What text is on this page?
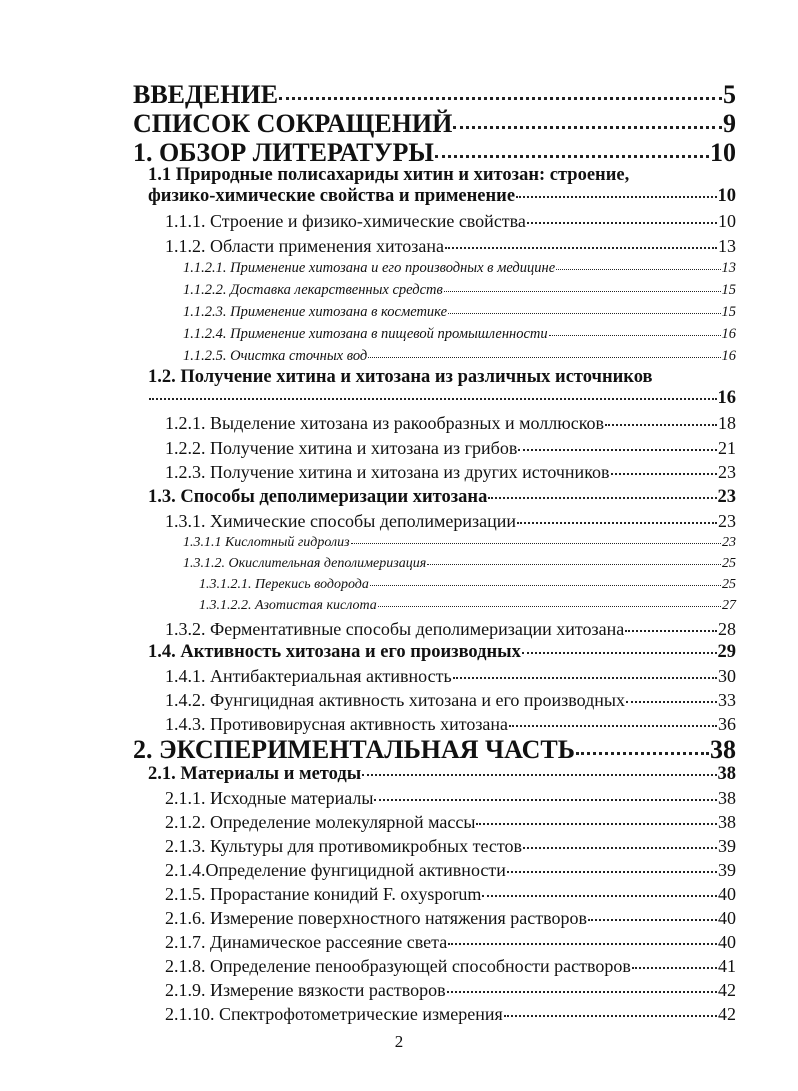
ВВЕДЕНИЕ	5
СПИСОК СОКРАЩЕНИЙ	9
1. ОБЗОР ЛИТЕРАТУРЫ	10
1.1 Природные полисахариды хитин и хитозан: строение,
физико-химические свойства и применение	10
1.1.1. Строение и физико-химические свойства	10
1.1.2. Области применения хитозана	13
1.1.2.1. Применение хитозана и его производных в медицине	13
1.1.2.2. Доставка лекарственных средств	15
1.1.2.3. Применение хитозана в косметике	15
1.1.2.4. Применение хитозана в пищевой промышленности	16
1.1.2.5. Очистка сточных вод	16
1.2. Получение хитина и хитозана из различных источников
16
1.2.1. Выделение хитозана из ракообразных и моллюсков	18
1.2.2. Получение хитина и хитозана из грибов	21
1.2.3. Получение хитина и хитозана из других источников	23
1.3. Способы деполимеризации хитозана	23
1.3.1. Химические способы деполимеризации	23
1.3.1.1 Кислотный гидролиз	23
1.3.1.2. Окислительная деполимеризация	25
1.3.1.2.1. Перекись водорода	25
1.3.1.2.2. Азотистая кислота	27
1.3.2. Ферментативные способы деполимеризации хитозана	28
1.4. Активность хитозана и его производных	29
1.4.1. Антибактериальная активность	30
1.4.2. Фунгицидная активность хитозана и его производных	33
1.4.3. Противовирусная активность хитозана	36
2. ЭКСПЕРИМЕНТАЛЬНАЯ ЧАСТЬ	38
2.1. Материалы и методы	38
2.1.1. Исходные материалы	38
2.1.2. Определение молекулярной массы	38
2.1.3. Культуры для противомикробных тестов	39
2.1.4.Определение фунгицидной активности	39
2.1.5. Прорастание конидий F. oxysporum	40
2.1.6. Измерение поверхностного натяжения растворов	40
2.1.7. Динамическое рассеяние света	40
2.1.8. Определение пенообразующей способности растворов	41
2.1.9. Измерение вязкости растворов	42
2.1.10. Спектрофотометрические измерения	42
2
